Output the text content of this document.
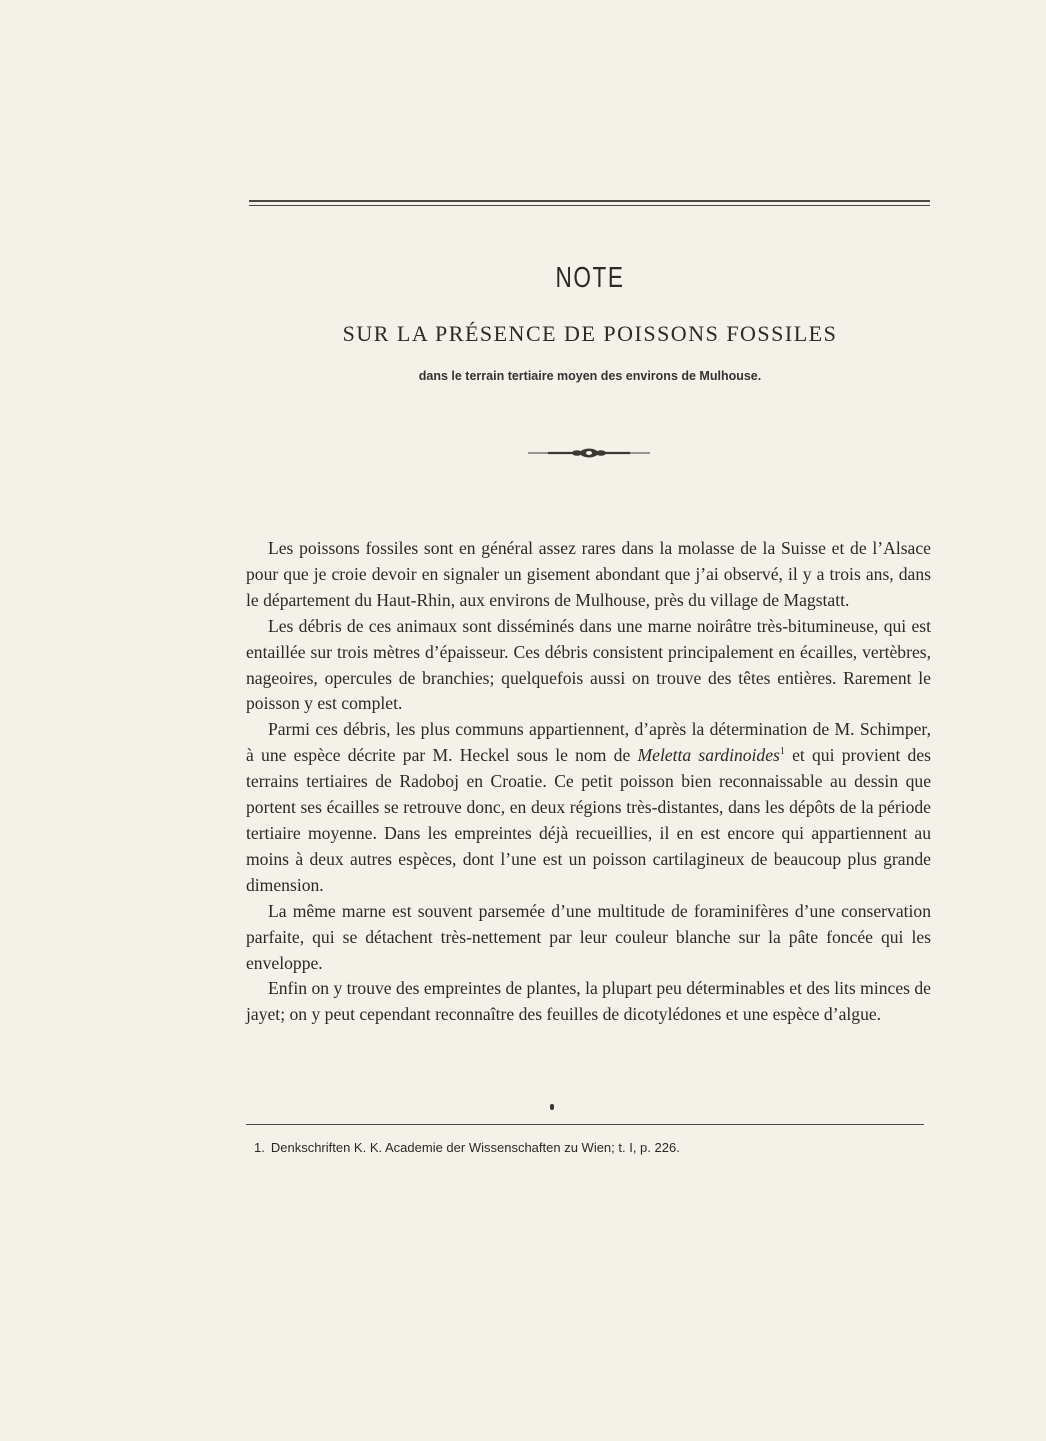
NOTE
SUR LA PRÉSENCE DE POISSONS FOSSILES
dans le terrain tertiaire moyen des environs de Mulhouse.

Les poissons fossiles sont en général assez rares dans la molasse de la Suisse et de l’Alsace pour que je croie devoir en signaler un gisement abondant que j’ai observé, il y a trois ans, dans le département du Haut-Rhin, aux environs de Mulhouse, près du village de Magstatt.

Les débris de ces animaux sont disséminés dans une marne noirâtre très-bitumineuse, qui est entaillée sur trois mètres d’épaisseur. Ces débris consistent principalement en écailles, vertèbres, nageoires, opercules de branchies; quelquefois aussi on trouve des têtes entières. Rarement le poisson y est complet.

Parmi ces débris, les plus communs appartiennent, d’après la détermination de M. Schimper, à une espèce décrite par M. Heckel sous le nom de Meletta sardinoides$^1$ et qui provient des terrains tertiaires de Radoboj en Croatie. Ce petit poisson bien reconnaissable au dessin que portent ses écailles se retrouve donc, en deux régions très-distantes, dans les dépôts de la période tertiaire moyenne. Dans les empreintes déjà recueillies, il en est encore qui appartiennent au moins à deux autres espèces, dont l’une est un poisson cartilagineux de beaucoup plus grande dimension.

La même marne est souvent parsemée d’une multitude de foraminifères d’une conservation parfaite, qui se détachent très-nettement par leur couleur blanche sur la pâte foncée qui les enveloppe.

Enfin on y trouve des empreintes de plantes, la plupart peu déterminables et des lits minces de jayet; on y peut cependant reconnaître des feuilles de dicotylédones et une espèce d’algue.

1. Denkschriften K. K. Academie der Wissenschaften zu Wien; t. I, p. 226.
